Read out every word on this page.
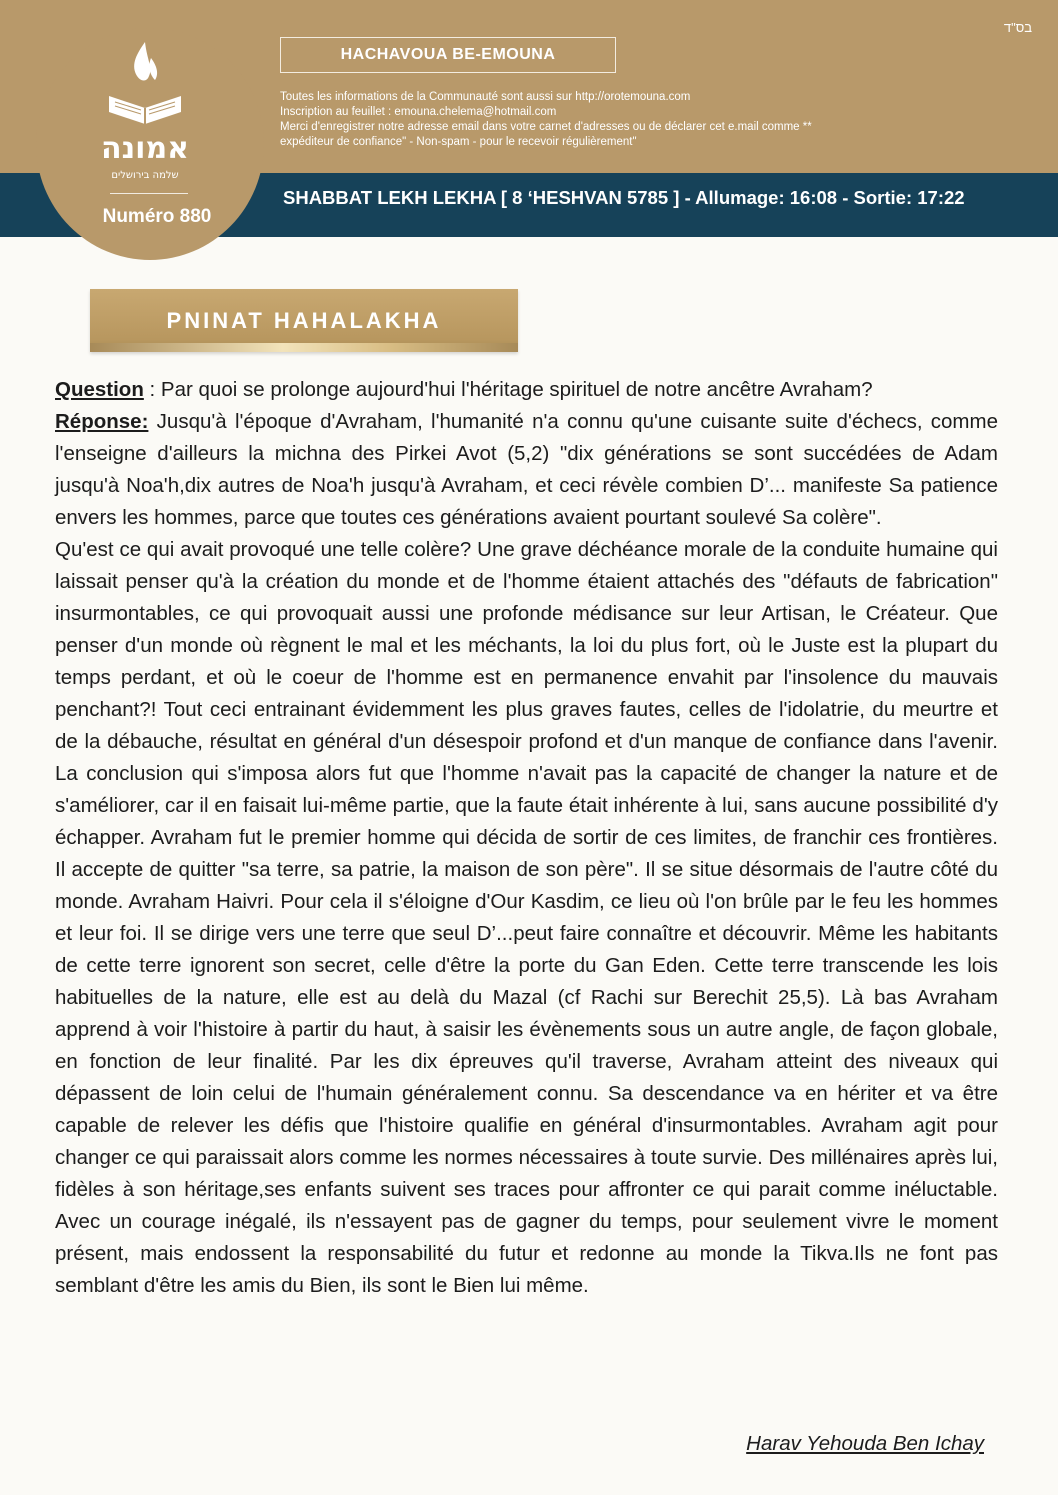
אמונה
שלמה בירושלים
Numéro 880
בס"ד
HACHAVOUA BE-EMOUNA
Toutes les informations de la Communauté sont aussi sur http://orotemouna.com
Inscription au feuillet : emouna.chelema@hotmail.com
Merci d'enregistrer notre adresse email dans votre carnet d'adresses ou de déclarer cet e.mail comme **
expéditeur de confiance" - Non-spam - pour le recevoir régulièrement"
SHABBAT LEKH LEKHA [ 8 ‘HESHVAN 5785 ] - Allumage: 16:08 - Sortie: 17:22
PNINAT HAHALAKHA

Question : Par quoi se prolonge aujourd'hui l'héritage spirituel de notre ancêtre Avraham?

Réponse: Jusqu'à l'époque d'Avraham, l'humanité n'a connu qu'une cuisante suite d'échecs, comme l'enseigne d'ailleurs la michna des Pirkei Avot (5,2) "dix générations se sont succédées de Adam jusqu'à Noa'h,dix autres de Noa'h jusqu'à Avraham, et ceci révèle combien D’... manifeste Sa patience envers les hommes, parce que toutes ces générations avaient pourtant soulevé Sa colère".

Qu'est ce qui avait provoqué une telle colère? Une grave déchéance morale de la conduite humaine qui laissait penser qu'à la création du monde et de l'homme étaient attachés des "défauts de fabrication" insurmontables, ce qui provoquait aussi une profonde médisance sur leur Artisan, le Créateur. Que penser d'un monde où règnent le mal et les méchants, la loi du plus fort, où le Juste est la plupart du temps perdant, et où le coeur de l'homme est en permanence envahit par l'insolence du mauvais penchant?! Tout ceci entrainant évidemment les plus graves fautes, celles de l'idolatrie, du meurtre et de la débauche, résultat en général d'un désespoir profond et d'un manque de confiance dans l'avenir. La conclusion qui s'imposa alors fut que l'homme n'avait pas la capacité de changer la nature et de s'améliorer, car il en faisait lui-même partie, que la faute était inhérente à lui, sans aucune possibilité d'y échapper. Avraham fut le premier homme qui décida de sortir de ces limites, de franchir ces frontières. Il accepte de quitter "sa terre, sa patrie, la maison de son père". Il se situe désormais de l'autre côté du monde. Avraham Haivri. Pour cela il s'éloigne d'Our Kasdim, ce lieu où l'on brûle par le feu les hommes et leur foi. Il se dirige vers une terre que seul D’...peut faire connaître et découvrir. Même les habitants de cette terre ignorent son secret, celle d'être la porte du Gan Eden. Cette terre transcende les lois habituelles de la nature, elle est au delà du Mazal (cf Rachi sur Berechit 25,5). Là bas Avraham apprend à voir l'histoire à partir du haut, à saisir les évènements sous un autre angle, de façon globale, en fonction de leur finalité. Par les dix épreuves qu'il traverse, Avraham atteint des niveaux qui dépassent de loin celui de l'humain généralement connu. Sa descendance va en hériter et va être capable de relever les défis que l'histoire qualifie en général d'insurmontables. Avraham agit pour changer ce qui paraissait alors comme les normes nécessaires à toute survie. Des millénaires après lui, fidèles à son héritage,ses enfants suivent ses traces pour affronter ce qui parait comme inéluctable. Avec un courage inégalé, ils n'essayent pas de gagner du temps, pour seulement vivre le moment présent, mais endossent la responsabilité du futur et redonne au monde la Tikva.Ils ne font pas semblant d'être les amis du Bien, ils sont le Bien lui même.

Harav Yehouda Ben Ichay
